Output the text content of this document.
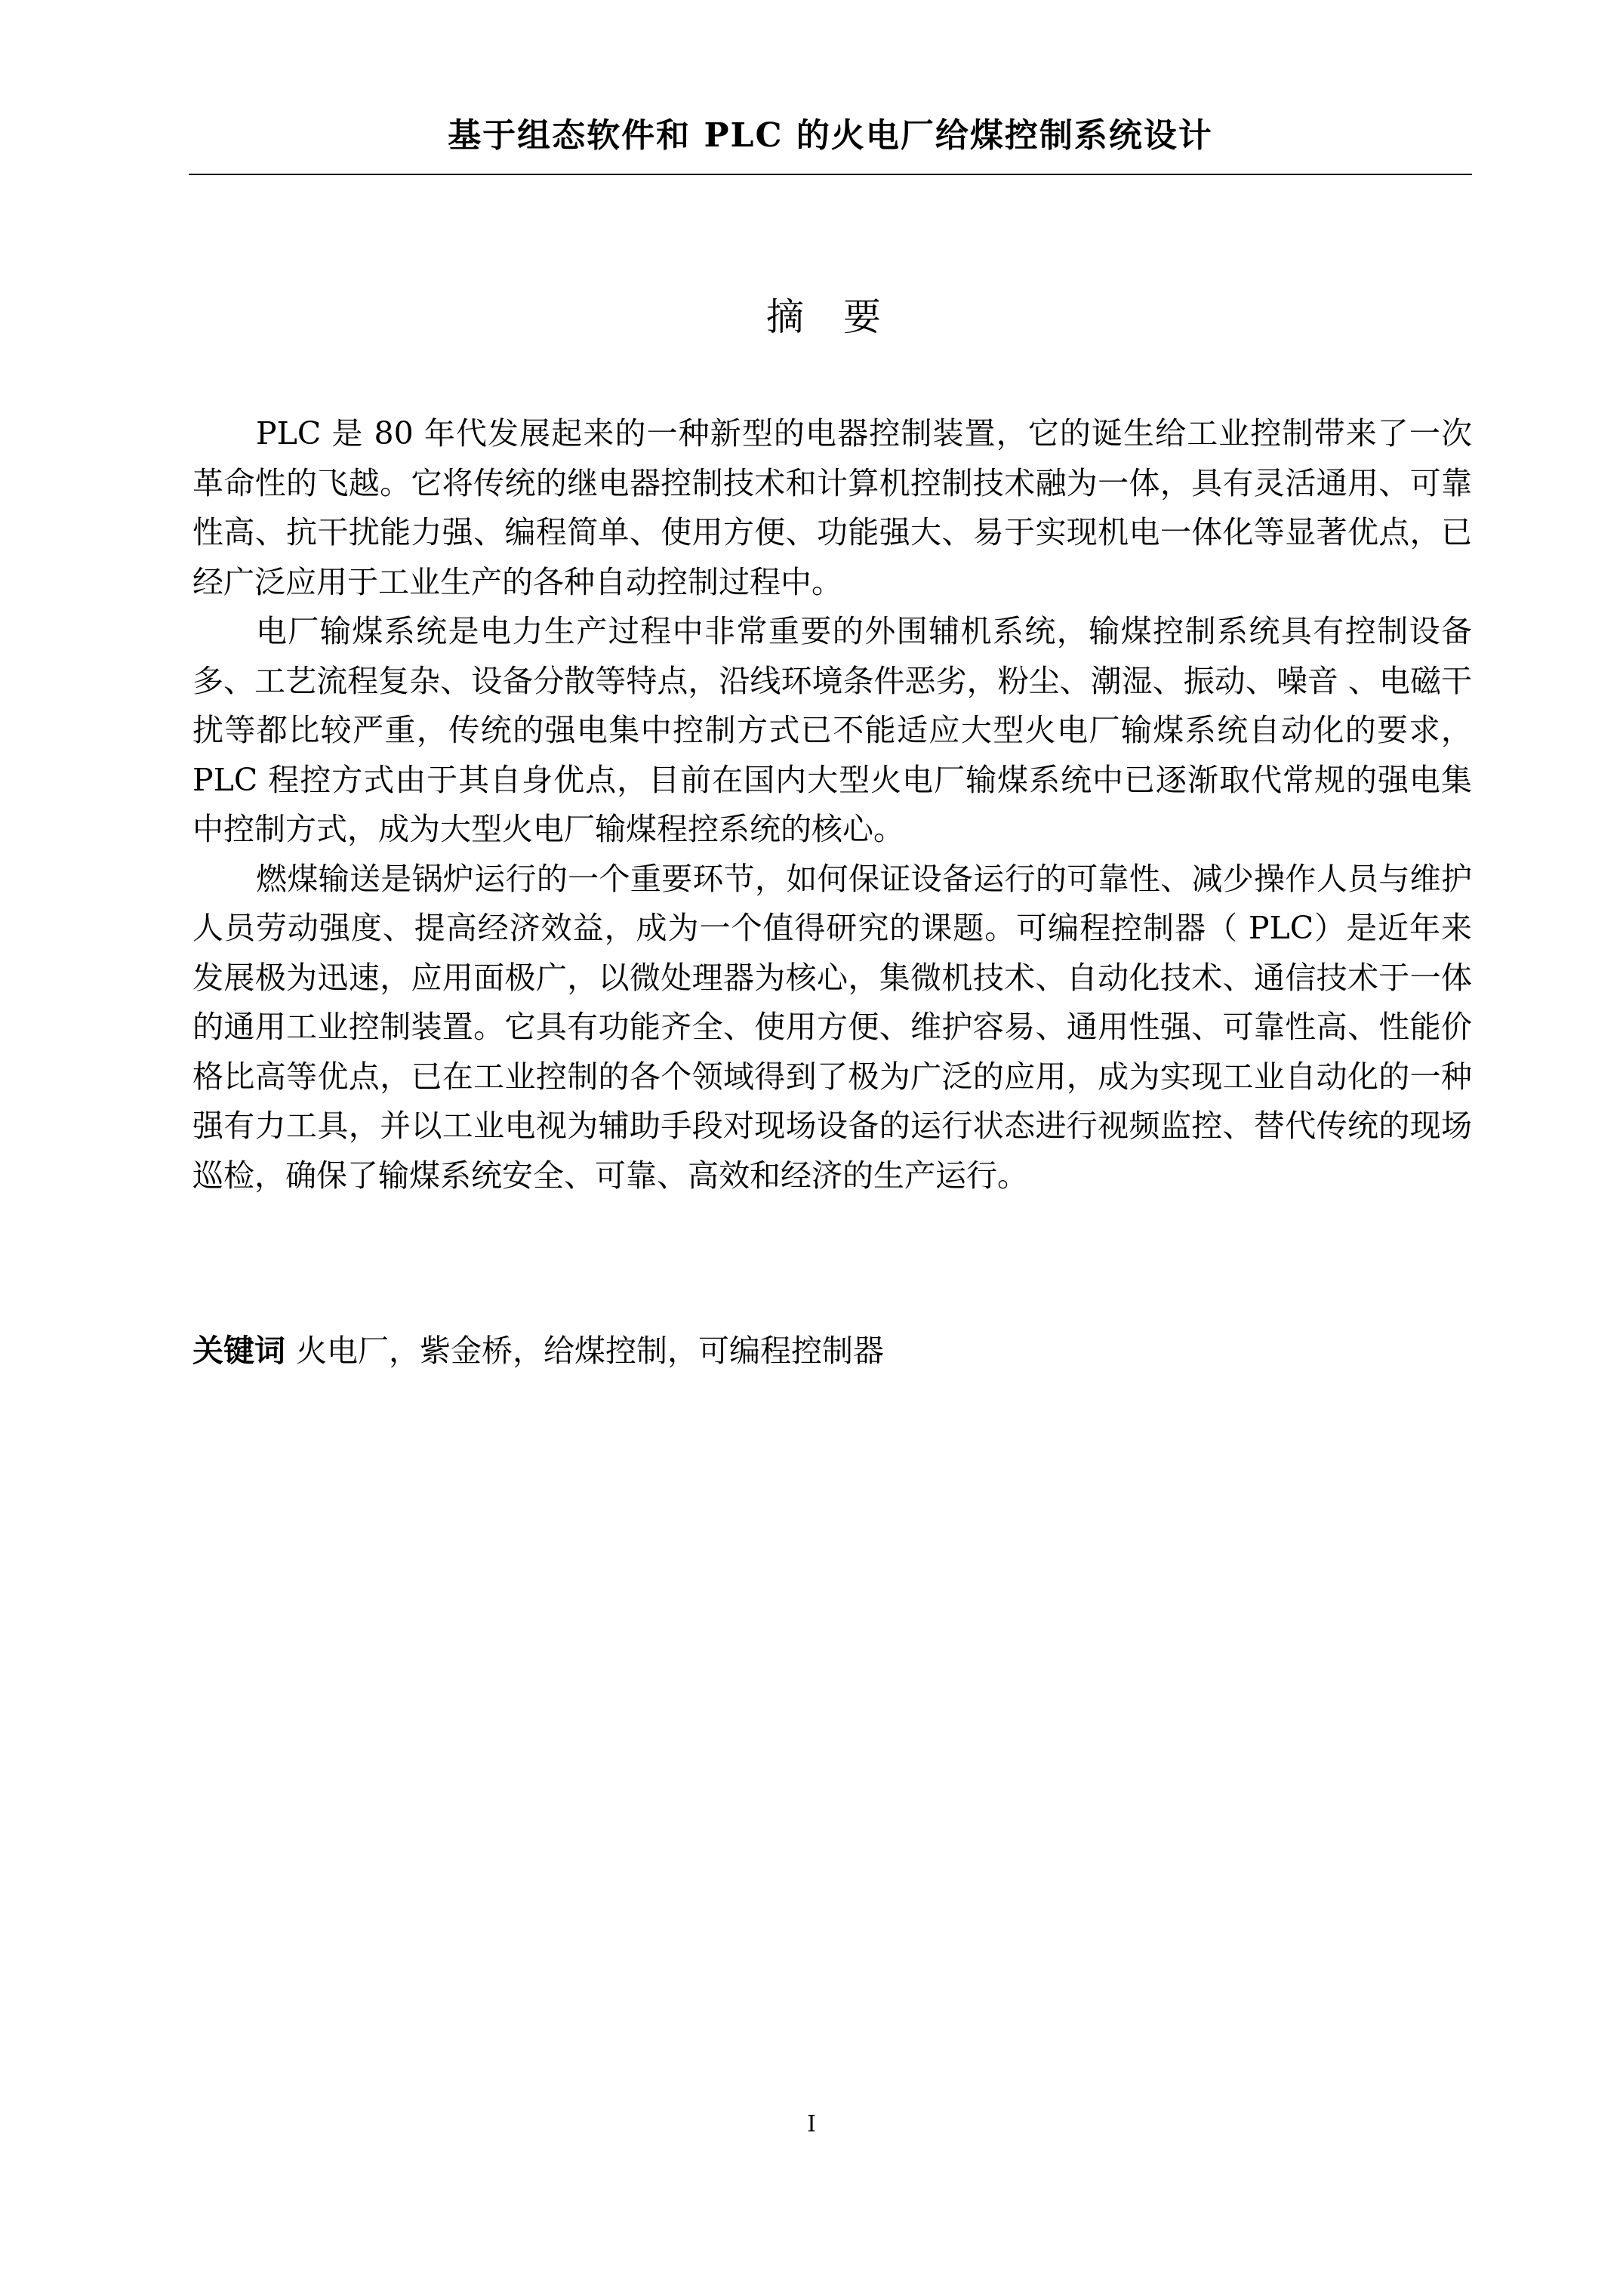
基于组态软件和 PLC 的火电厂给煤控制系统设计
摘 要

PLC 是 80 年代发展起来的一种新型的电器控制装置，它的诞生给工业控制带来了一次革命性的飞越。它将传统的继电器控制技术和计算机控制技术融为一体，具有灵活通用、可靠性高、抗干扰能力强、编程简单、使用方便、功能强大、易于实现机电一体化等显著优点，已经广泛应用于工业生产的各种自动控制过程中。

电厂输煤系统是电力生产过程中非常重要的外围辅机系统，输煤控制系统具有控制设备多、工艺流程复杂、设备分散等特点，沿线环境条件恶劣，粉尘、潮湿、振动、噪音 、电磁干扰等都比较严重，传统的强电集中控制方式已不能适应大型火电厂输煤系统自动化的要求，PLC 程控方式由于其自身优点，目前在国内大型火电厂输煤系统中已逐渐取代常规的强电集中控制方式，成为大型火电厂输煤程控系统的核心。

燃煤输送是锅炉运行的一个重要环节，如何保证设备运行的可靠性、减少操作人员与维护人员劳动强度、提高经济效益，成为一个值得研究的课题。可编程控制器（ PLC）是近年来发展极为迅速，应用面极广，以微处理器为核心，集微机技术、自动化技术、通信技术于一体的通用工业控制装置。它具有功能齐全、使用方便、维护容易、通用性强、可靠性高、性能价格比高等优点，已在工业控制的各个领域得到了极为广泛的应用，成为实现工业自动化的一种强有力工具，并以工业电视为辅助手段对现场设备的运行状态进行视频监控、替代传统的现场巡检，确保了输煤系统安全、可靠、高效和经济的生产运行。

关键词 火电厂，紫金桥，给煤控制，可编程控制器
I
